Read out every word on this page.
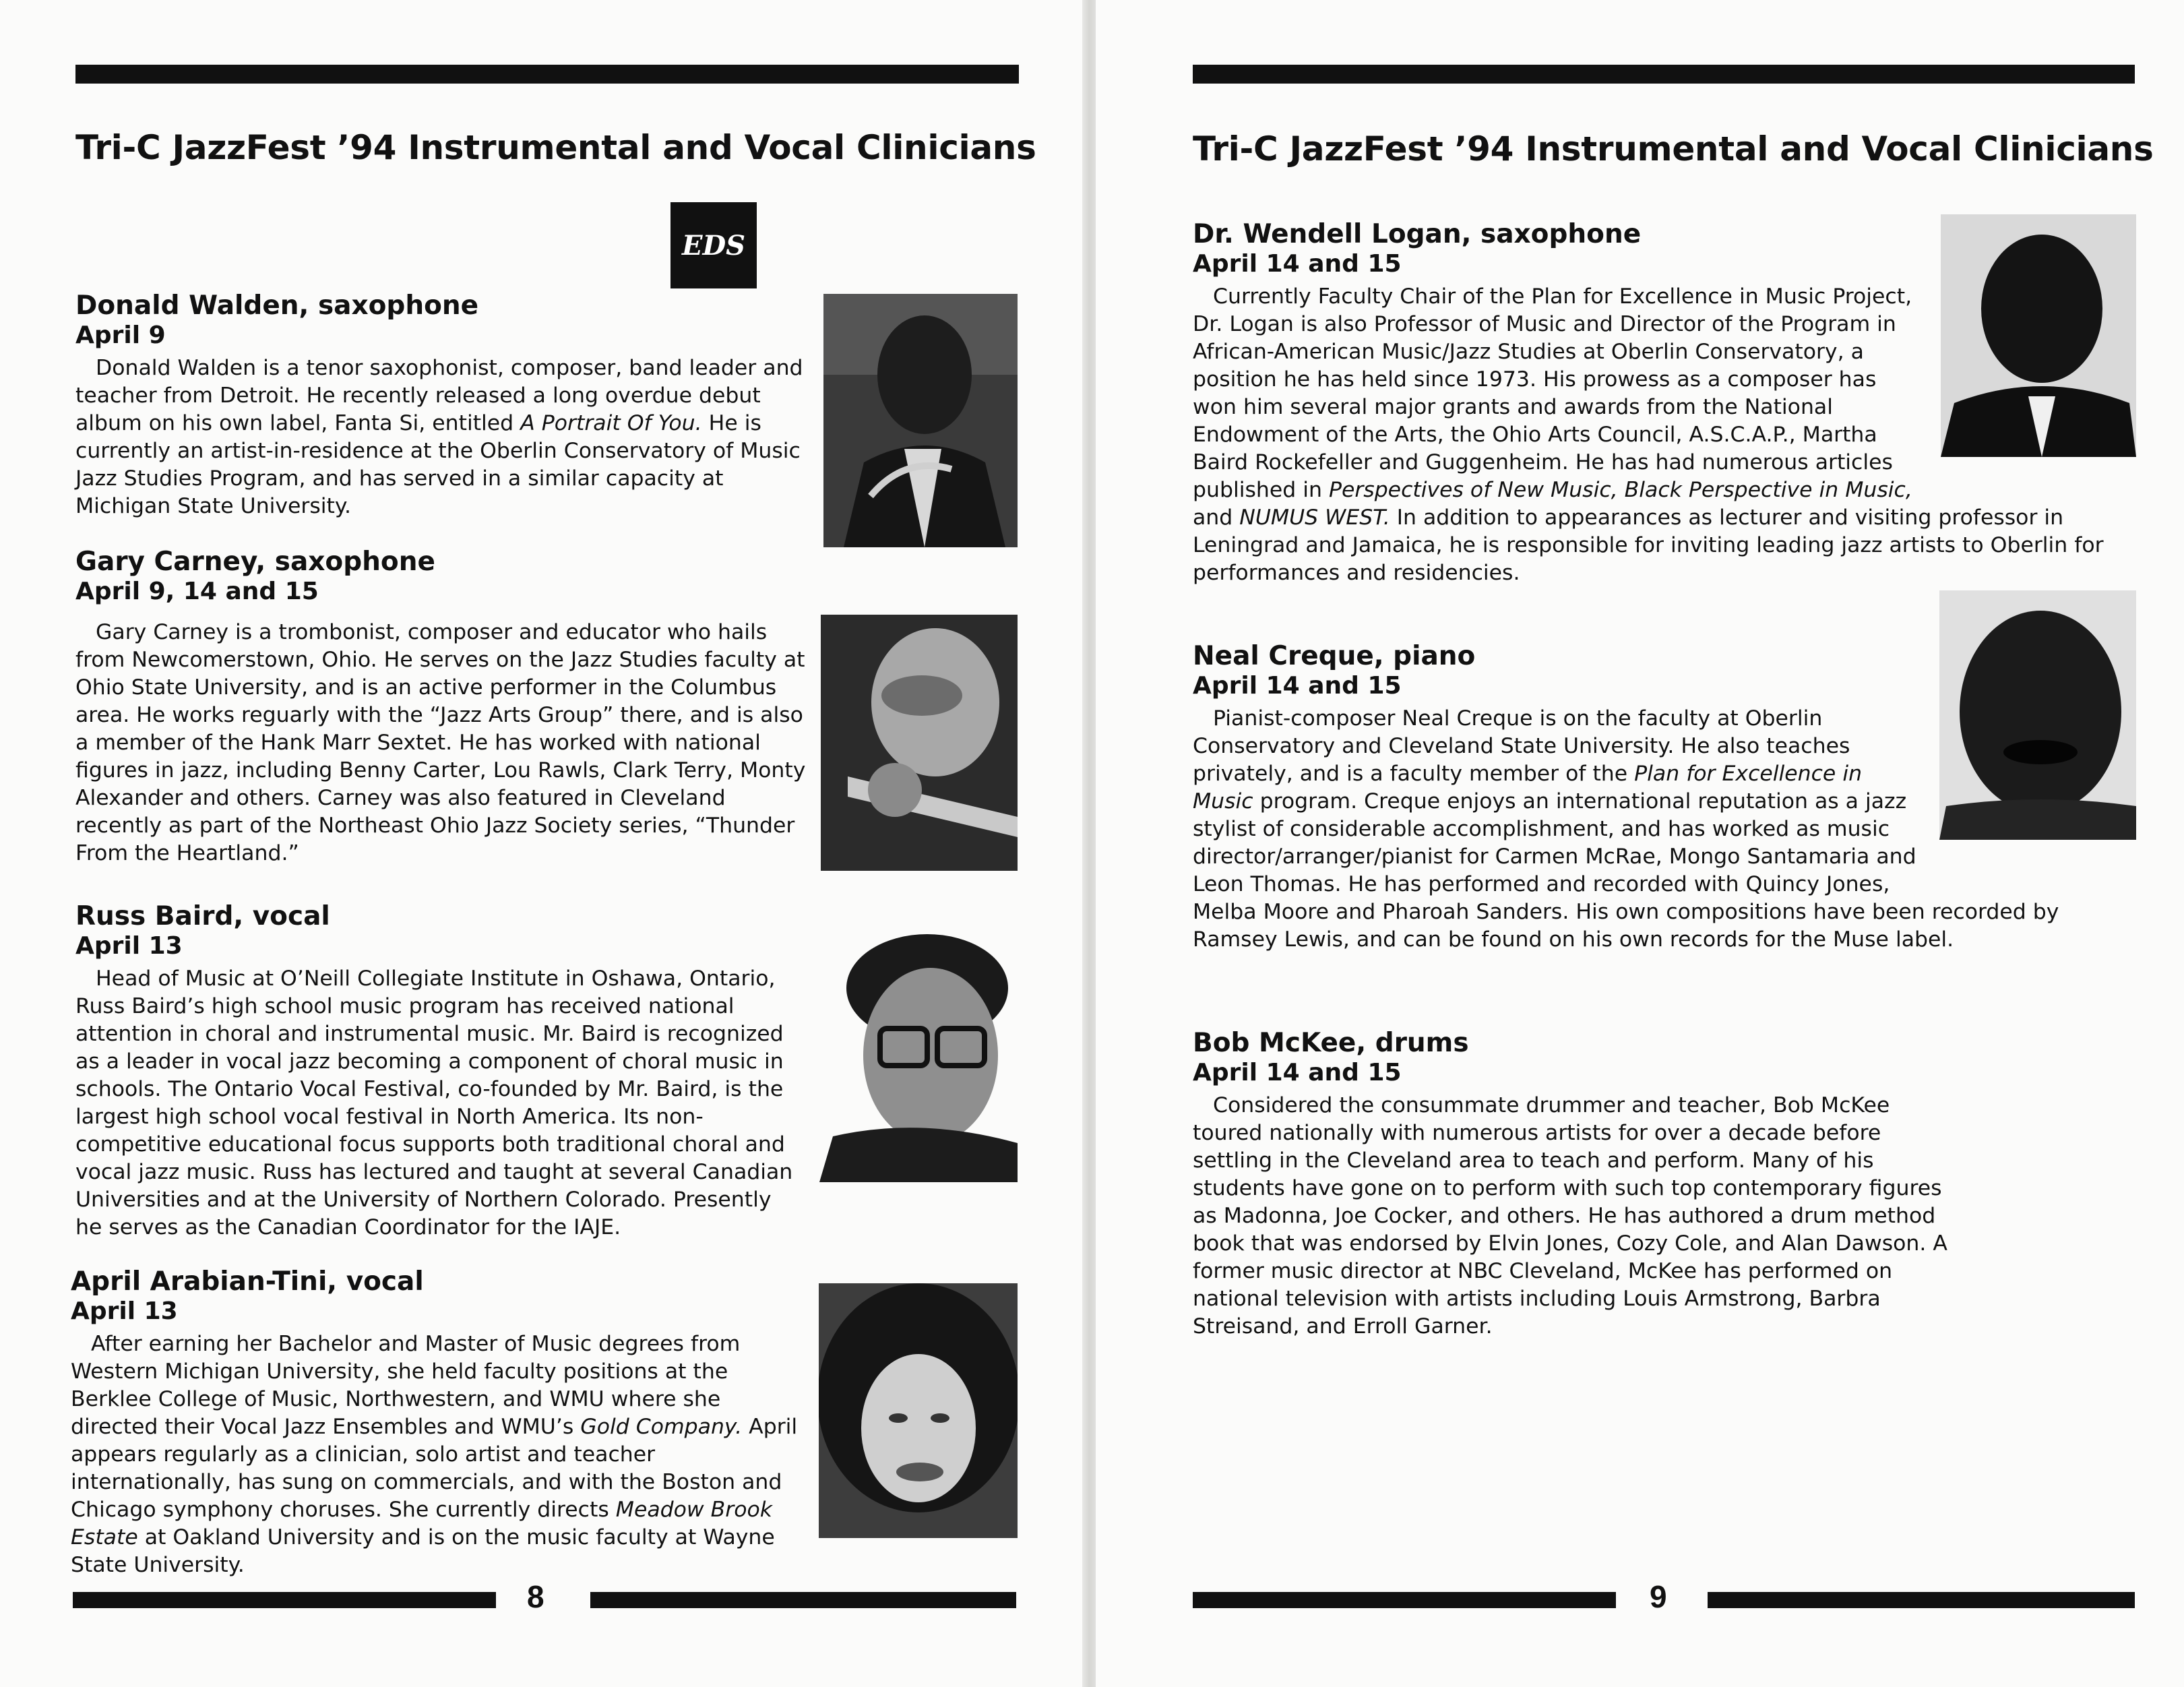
Tri-C JazzFest ’94 Instrumental and Vocal Clinicians
EDS
Donald Walden, saxophone
April 9

Donald Walden is a tenor saxophonist, composer, band leader and teacher from Detroit. He recently released a long overdue debut album on his own label, Fanta Si, entitled A Portrait Of You. He is currently an artist-in-residence at the Oberlin Conservatory of Music Jazz Studies Program, and has served in a similar capacity at Michigan State University.

Gary Carney, saxophone
April 9, 14 and 15

Gary Carney is a trombonist, composer and educator who hails from Newcomerstown, Ohio. He serves on the Jazz Studies faculty at Ohio State University, and is an active performer in the Columbus area. He works reguarly with the “Jazz Arts Group” there, and is also a member of the Hank Marr Sextet. He has worked with national figures in jazz, including Benny Carter, Lou Rawls, Clark Terry, Monty Alexander and others. Carney was also featured in Cleveland recently as part of the Northeast Ohio Jazz Society series, “Thunder From the Heartland.”

Russ Baird, vocal
April 13

Head of Music at O’Neill Collegiate Institute in Oshawa, Ontario, Russ Baird’s high school music program has received national attention in choral and instrumental music. Mr. Baird is recognized as a leader in vocal jazz becoming a component of choral music in schools. The Ontario Vocal Festival, co-founded by Mr. Baird, is the largest high school vocal festival in North America. Its non-competitive educational focus supports both traditional choral and vocal jazz music. Russ has lectured and taught at several Canadian Universities and at the University of Northern Colorado. Presently he serves as the Canadian Coordinator for the IAJE.

April Arabian-Tini, vocal
April 13

After earning her Bachelor and Master of Music degrees from Western Michigan University, she held faculty positions at the Berklee College of Music, Northwestern, and WMU where she directed their Vocal Jazz Ensembles and WMU’s Gold Company. April appears regularly as a clinician, solo artist and teacher internationally, has sung on commercials, and with the Boston and Chicago symphony choruses. She currently directs Meadow Brook Estate at Oakland University and is on the music faculty at Wayne State University.

8
Tri-C JazzFest ’94 Instrumental and Vocal Clinicians
Dr. Wendell Logan, saxophone
April 14 and 15

Currently Faculty Chair of the Plan for Excellence in Music Project, Dr. Logan is also Professor of Music and Director of the Program in African-American Music/Jazz Studies at Oberlin Conservatory, a position he has held since 1973. His prowess as a composer has won him several major grants and awards from the National Endowment of the Arts, the Ohio Arts Council, A.S.C.A.P., Martha Baird Rockefeller and Guggenheim. He has had numerous articles published in Perspectives of New Music, Black Perspective in Music, and NUMUS WEST. In addition to appearances as lecturer and visiting professor in Leningrad and Jamaica, he is responsible for inviting leading jazz artists to Oberlin for performances and residencies.

Neal Creque, piano
April 14 and 15

Pianist-composer Neal Creque is on the faculty at Oberlin Conservatory and Cleveland State University. He also teaches privately, and is a faculty member of the Plan for Excellence in Music program. Creque enjoys an international reputation as a jazz stylist of considerable accomplishment, and has worked as music director/arranger/pianist for Carmen McRae, Mongo Santamaria and Leon Thomas. He has performed and recorded with Quincy Jones, Melba Moore and Pharoah Sanders. His own compositions have been recorded by Ramsey Lewis, and can be found on his own records for the Muse label.

Bob McKee, drums
April 14 and 15

Considered the consummate drummer and teacher, Bob McKee toured nationally with numerous artists for over a decade before settling in the Cleveland area to teach and perform. Many of his students have gone on to perform with such top contemporary figures as Madonna, Joe Cocker, and others. He has authored a drum method book that was endorsed by Elvin Jones, Cozy Cole, and Alan Dawson. A former music director at NBC Cleveland, McKee has performed on national television with artists including Louis Armstrong, Barbra Streisand, and Erroll Garner.

9
